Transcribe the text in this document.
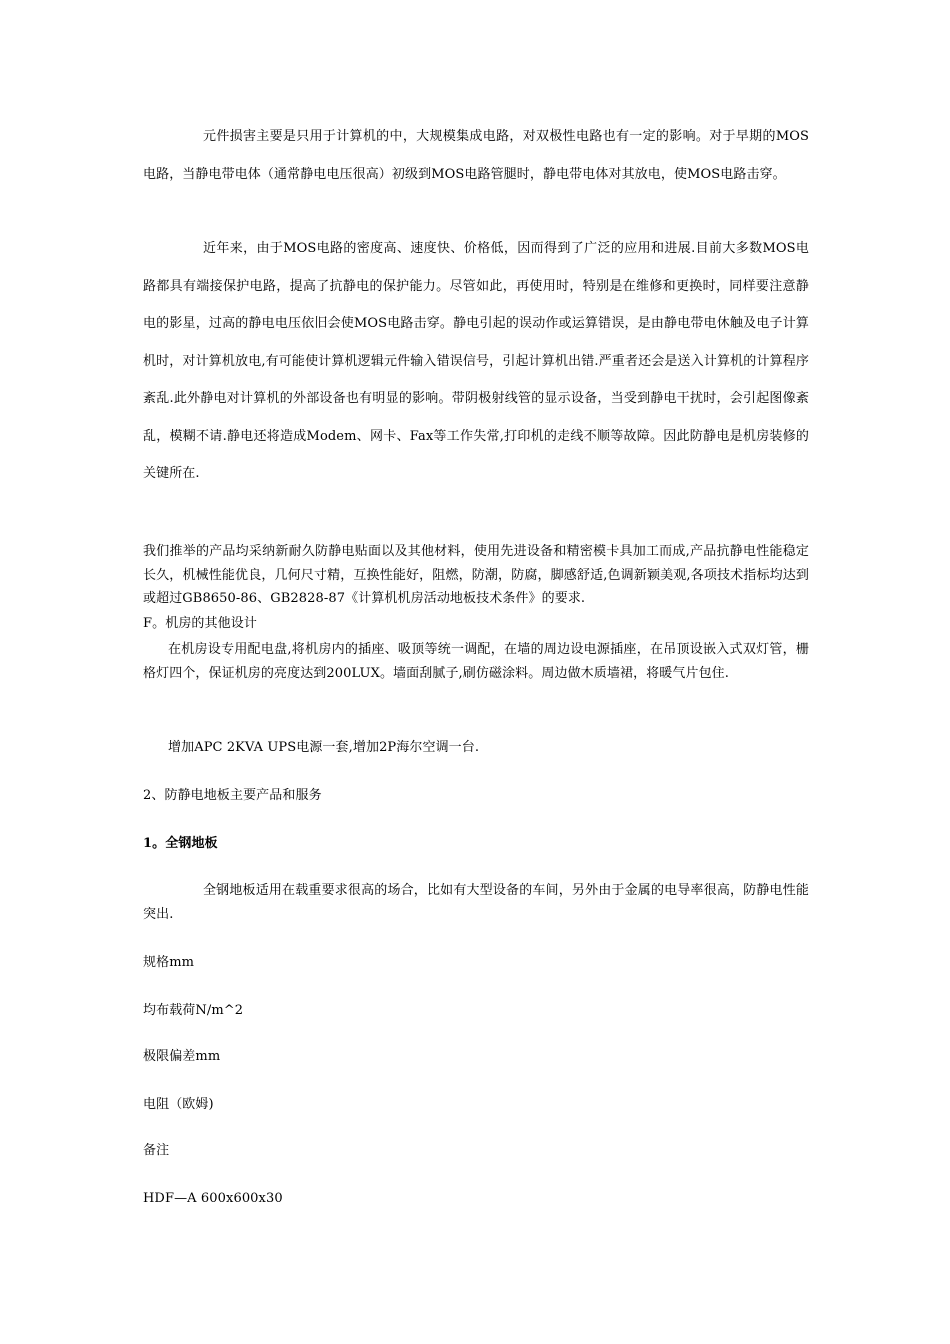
元件损害主要是只用于计算机的中，大规模集成电路，对双极性电路也有一定的影响。对于早期的MOS电路，当静电带电体（通常静电电压很高）初级到MOS电路管腿时，静电带电体对其放电，使MOS电路击穿。
近年来，由于MOS电路的密度高、速度快、价格低，因而得到了广泛的应用和进展.目前大多数MOS电路都具有端接保护电路，提高了抗静电的保护能力。尽管如此，再使用时，特别是在维修和更换时，同样要注意静电的影星，过高的静电电压依旧会使MOS电路击穿。静电引起的误动作或运算错误，是由静电带电休触及电子计算机时，对计算机放电,有可能使计算机逻辑元件输入错误信号，引起计算机出错.严重者还会是送入计算机的计算程序紊乱.此外静电对计算机的外部设备也有明显的影响。带阴极射线管的显示设备，当受到静电干扰时，会引起图像紊乱，模糊不请.静电还将造成Modem、网卡、Fax等工作失常,打印机的走线不顺等故障。因此防静电是机房装修的关键所在.
我们推举的产品均采纳新耐久防静电贴面以及其他材料，使用先进设备和精密模卡具加工而成,产品抗静电性能稳定长久，机械性能优良，几何尺寸精，互换性能好，阻燃，防潮，防腐，脚感舒适,色调新颖美观,各项技术指标均达到或超过GB8650-86、GB2828-87《计算机机房活动地板技术条件》的要求.
F。机房的其他设计
在机房设专用配电盘,将机房内的插座、吸顶等统一调配，在墙的周边设电源插座，在吊顶设嵌入式双灯管，栅格灯四个，保证机房的亮度达到200LUX。墙面刮腻子,刷仿磁涂料。周边做木质墙裙，将暖气片包住.
增加APC 2KVA UPS电源一套,增加2P海尔空调一台.
2、防静电地板主要产品和服务
1。全钢地板
全钢地板适用在载重要求很高的场合，比如有大型设备的车间，另外由于金属的电导率很高，防静电性能突出.
规格mm
均布载荷N/m^2
极限偏差mm
电阻（欧姆)
备注
HDF—A 600x600x30
